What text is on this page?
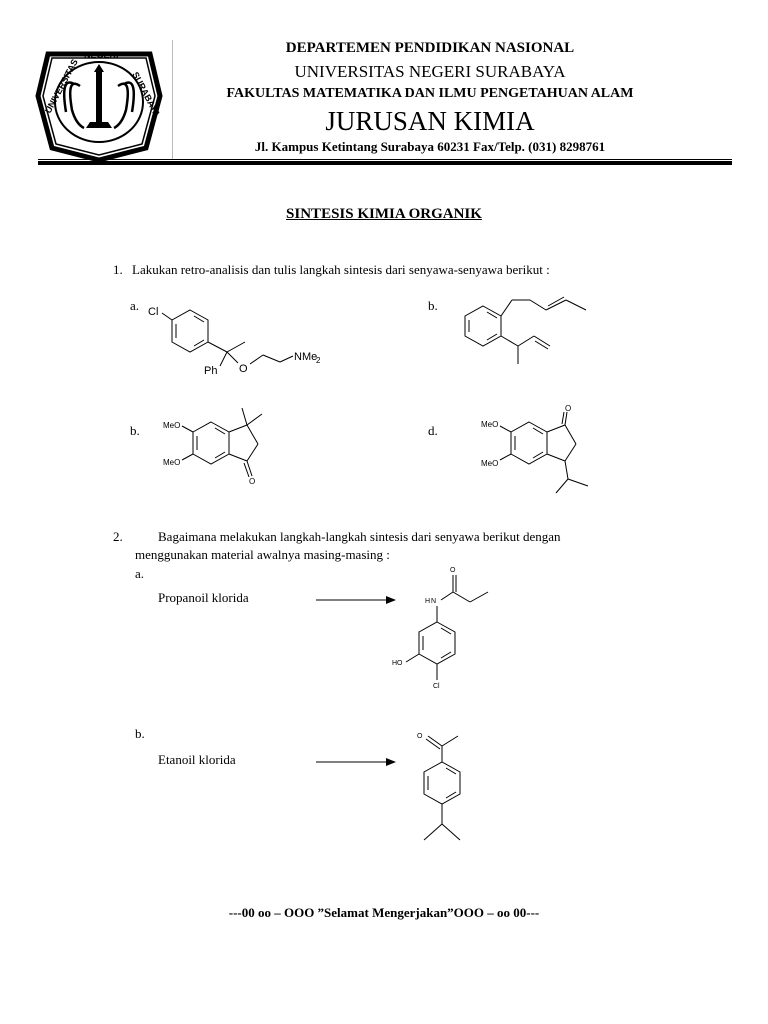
UNIVERSITAS
NEGERI
SURABAYA
DEPARTEMEN PENDIDIKAN NASIONAL
UNIVERSITAS NEGERI SURABAYA
FAKULTAS MATEMATIKA DAN ILMU PENGETAHUAN ALAM
JURUSAN KIMIA
Jl. Kampus Ketintang Surabaya 60231 Fax/Telp. (031) 8298761
SINTESIS KIMIA ORGANIK
1. Lakukan retro-analisis dan tulis langkah sintesis dari senyawa-senyawa berikut :
a.	b.
b.	d.
Cl
Ph O
NMe
2
MeO
MeO
O
MeO
MeO
O
2.	Bagaimana melakukan langkah-langkah sintesis dari senyawa berikut dengan
menggunakan material awalnya masing-masing :
a.
Propanoil klorida
O
H N
HO
Cl
b.
Etanoil klorida
O
---00 oo – OOO ”Selamat Mengerjakan”OOO – oo 00---
